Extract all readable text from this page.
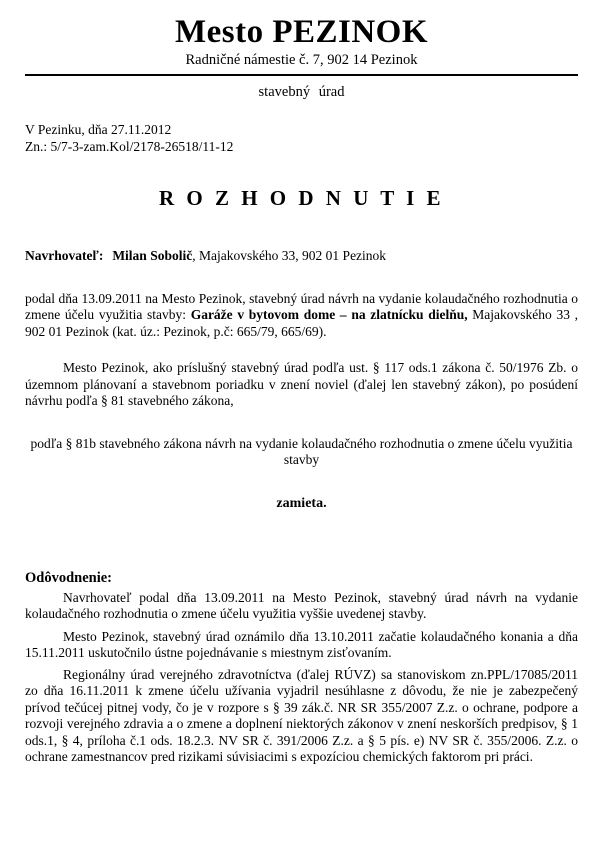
Mesto PEZINOK
Radničné námestie č. 7, 902 14 Pezinok
stavebný úrad
V Pezinku, dňa 27.11.2012
Zn.: 5/7-3-zam.Kol/2178-26518/11-12
R O Z H O D N U T I E

Navrhovateľ: Milan Sobolič, Majakovského 33, 902 01 Pezinok

podal dňa 13.09.2011 na Mesto Pezinok, stavebný úrad návrh na vydanie kolaudačného rozhodnutia o zmene účelu využitia stavby: Garáže v bytovom dome – na zlatnícku dielňu, Majakovského 33 , 902 01 Pezinok (kat. úz.: Pezinok, p.č: 665/79, 665/69).

Mesto Pezinok, ako príslušný stavebný úrad podľa ust. § 117 ods.1 zákona č. 50/1976 Zb. o územnom plánovaní a stavebnom poriadku v znení noviel (ďalej len stavebný zákon), po posúdení návrhu podľa § 81 stavebného zákona,

podľa § 81b stavebného zákona návrh na vydanie kolaudačného rozhodnutia o zmene účelu využitia stavby

zamieta.

Odôvodnenie:

Navrhovateľ podal dňa 13.09.2011 na Mesto Pezinok, stavebný úrad návrh na vydanie kolaudačného rozhodnutia o zmene účelu využitia vyššie uvedenej stavby.

Mesto Pezinok, stavebný úrad oznámilo dňa 13.10.2011 začatie kolaudačného konania a dňa 15.11.2011 uskutočnilo ústne pojednávanie s miestnym zisťovaním.

Regionálny úrad verejného zdravotníctva (ďalej RÚVZ) sa stanoviskom zn.PPL/17085/2011 zo dňa 16.11.2011 k zmene účelu užívania vyjadril nesúhlasne z dôvodu, že nie je zabezpečený prívod tečúcej pitnej vody, čo je v rozpore s § 39 zák.č. NR SR 355/2007 Z.z. o ochrane, podpore a rozvoji verejného zdravia a o zmene a doplnení niektorých zákonov v znení neskorších predpisov, § 1 ods.1, § 4, príloha č.1 ods. 18.2.3. NV SR č. 391/2006 Z.z. a § 5 pís. e) NV SR č. 355/2006. Z.z. o ochrane zamestnancov pred rizikami súvisiacimi s expozíciou chemických faktorom pri práci.
